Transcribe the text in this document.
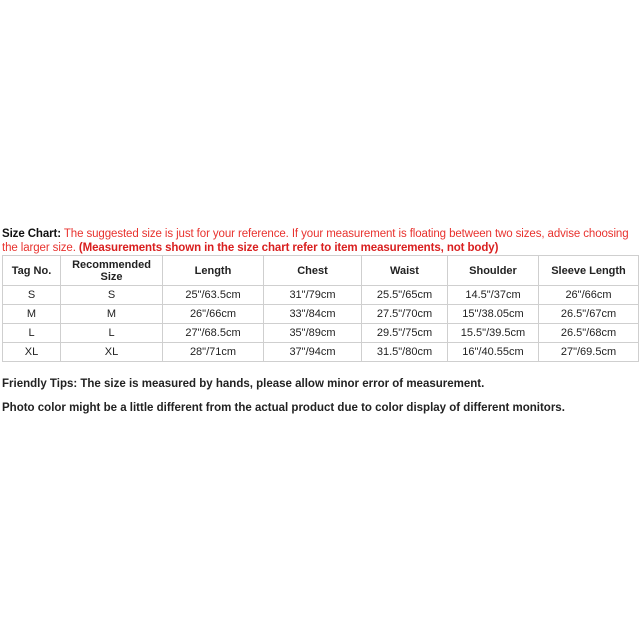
Size Chart: The suggested size is just for your reference. If your measurement is floating between two sizes, advise choosing the larger size. (Measurements shown in the size chart refer to item measurements, not body)
Tag No.	Recommended Size	Length	Chest	Waist	Shoulder	Sleeve Length
S	S	25"/63.5cm	31"/79cm	25.5"/65cm	14.5"/37cm	26"/66cm
M	M	26"/66cm	33"/84cm	27.5"/70cm	15"/38.05cm	26.5"/67cm
L	L	27"/68.5cm	35"/89cm	29.5"/75cm	15.5"/39.5cm	26.5"/68cm
XL	XL	28"/71cm	37"/94cm	31.5"/80cm	16"/40.55cm	27"/69.5cm
Friendly Tips: The size is measured by hands, please allow minor error of measurement.
Photo color might be a little different from the actual product due to color display of different monitors.
